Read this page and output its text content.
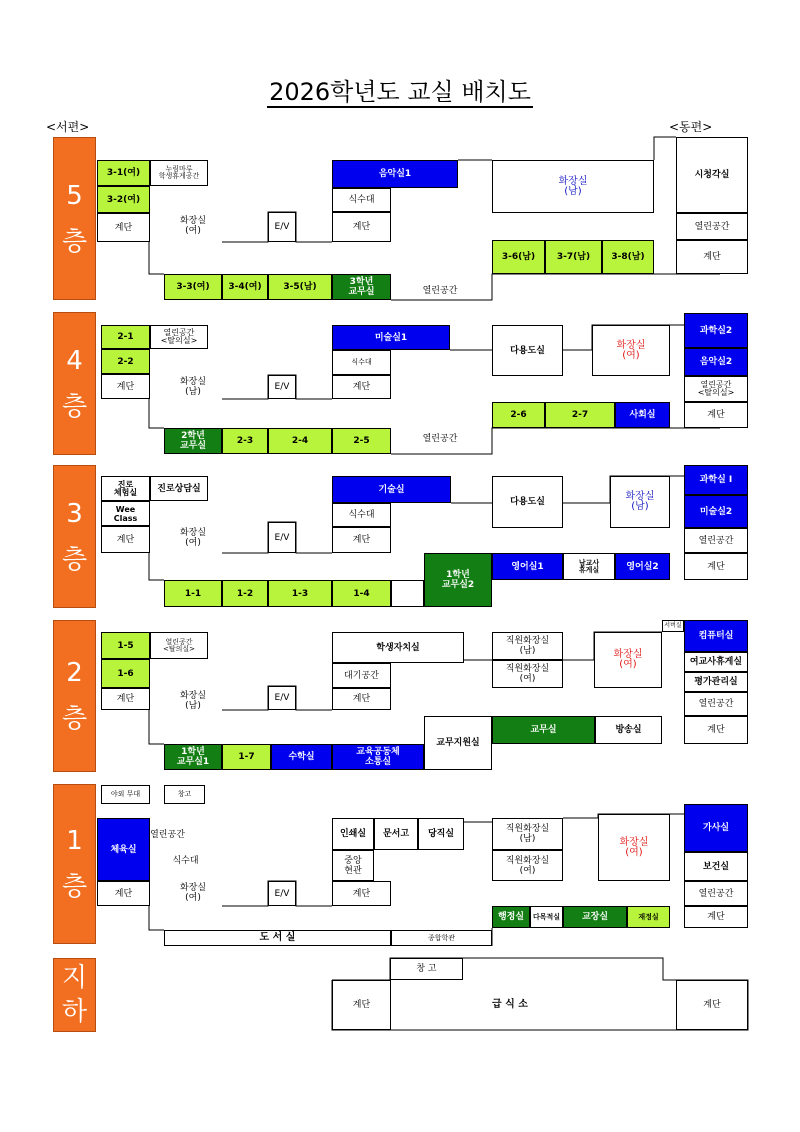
2026학년도 교실 배치도
<서편>	<동편>
5
층
4
층
3
층
2
층
1
층
지
하
3-1(여)	누림마루
학생휴게공간
3-2(여)
계단
화장실
(여)	E/V
음악실1
식수대
계단
화장실
(남)
시청각실
열린공간
3-6(남)	3-7(남)	3-8(남)	계단
3-3(여)	3-4(여)	3-5(남)	3학년
교무실	열린공간
2-1	열린공간
<탈의실>
2-2
계단	화장실
(남)	E/V
미술실1
식수대
계단
다용도실	화장실
(여)
과학실2
음악실2
열린공간
<탈의실>
2-6	2-7	사회실	계단
2학년
교무실	2-3	2-4	2-5	열린공간
진로
체험실	진로상담실
Wee
Class
계단
화장실
(여)
E/V
기술실
식수대
계단
다용도실	화장실
(남)
과학실 I
미술실2
열린공간
1학년
교무실2
영어실1	남교사
휴게실	영어실2	계단
1-1	1-2	1-3	1-4
1-5	열린공간
<탈의실>
1-6
계단	화장실
(남)
E/V
학생자치실
대기공간
계단
직원화장실
(남)
직원화장실
(여)
화장실
(여)
서버실
컴퓨터실
여교사휴게실
평가관리실
열린공간
교무지원실
교무실	방송실	계단
1학년
교무실1	1-7	수학실	교육공동체
소통실
야외 무대	창고
체육실
열린공간
식수대
계단
화장실
(여)	E/V
인쇄실	문서고	당직실
중앙
현관
계단
직원화장실
(남)
직원화장실
(여)
화장실
(여)
가사실
보건실
열린공간
행정실	다목적실	교장실	재정실	계단
도 서 실	종합학관
창 고
계단	급 식 소	계단
